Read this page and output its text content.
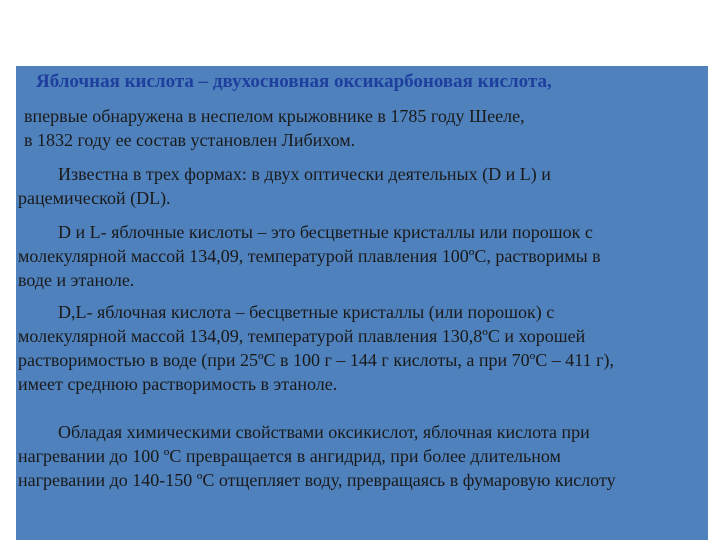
Яблочная кислота – двухосновная оксикарбоновая кислота,
впервые обнаружена в неспелом крыжовнике в 1785 году Шееле,
в 1832 году ее состав установлен Либихом.
Известна в трех формах: в двух оптически деятельных (D и L) и
рацемической (DL).
D и L- яблочные кислоты – это бесцветные кристаллы или порошок с
молекулярной массой 134,09, температурой плавления 100ºС, растворимы в
воде и этаноле.
D,L- яблочная кислота – бесцветные кристаллы (или порошок) с
молекулярной массой 134,09, температурой плавления 130,8ºС и хорошей
растворимостью в воде (при 25ºС в 100 г – 144 г кислоты, а при 70ºС – 411 г),
имеет среднюю растворимость в этаноле.
Обладая химическими свойствами оксикислот, яблочная кислота при
нагревании до 100 ºС превращается в ангидрид, при более длительном
нагревании до 140-150 ºС отщепляет воду, превращаясь в фумаровую кислоту
